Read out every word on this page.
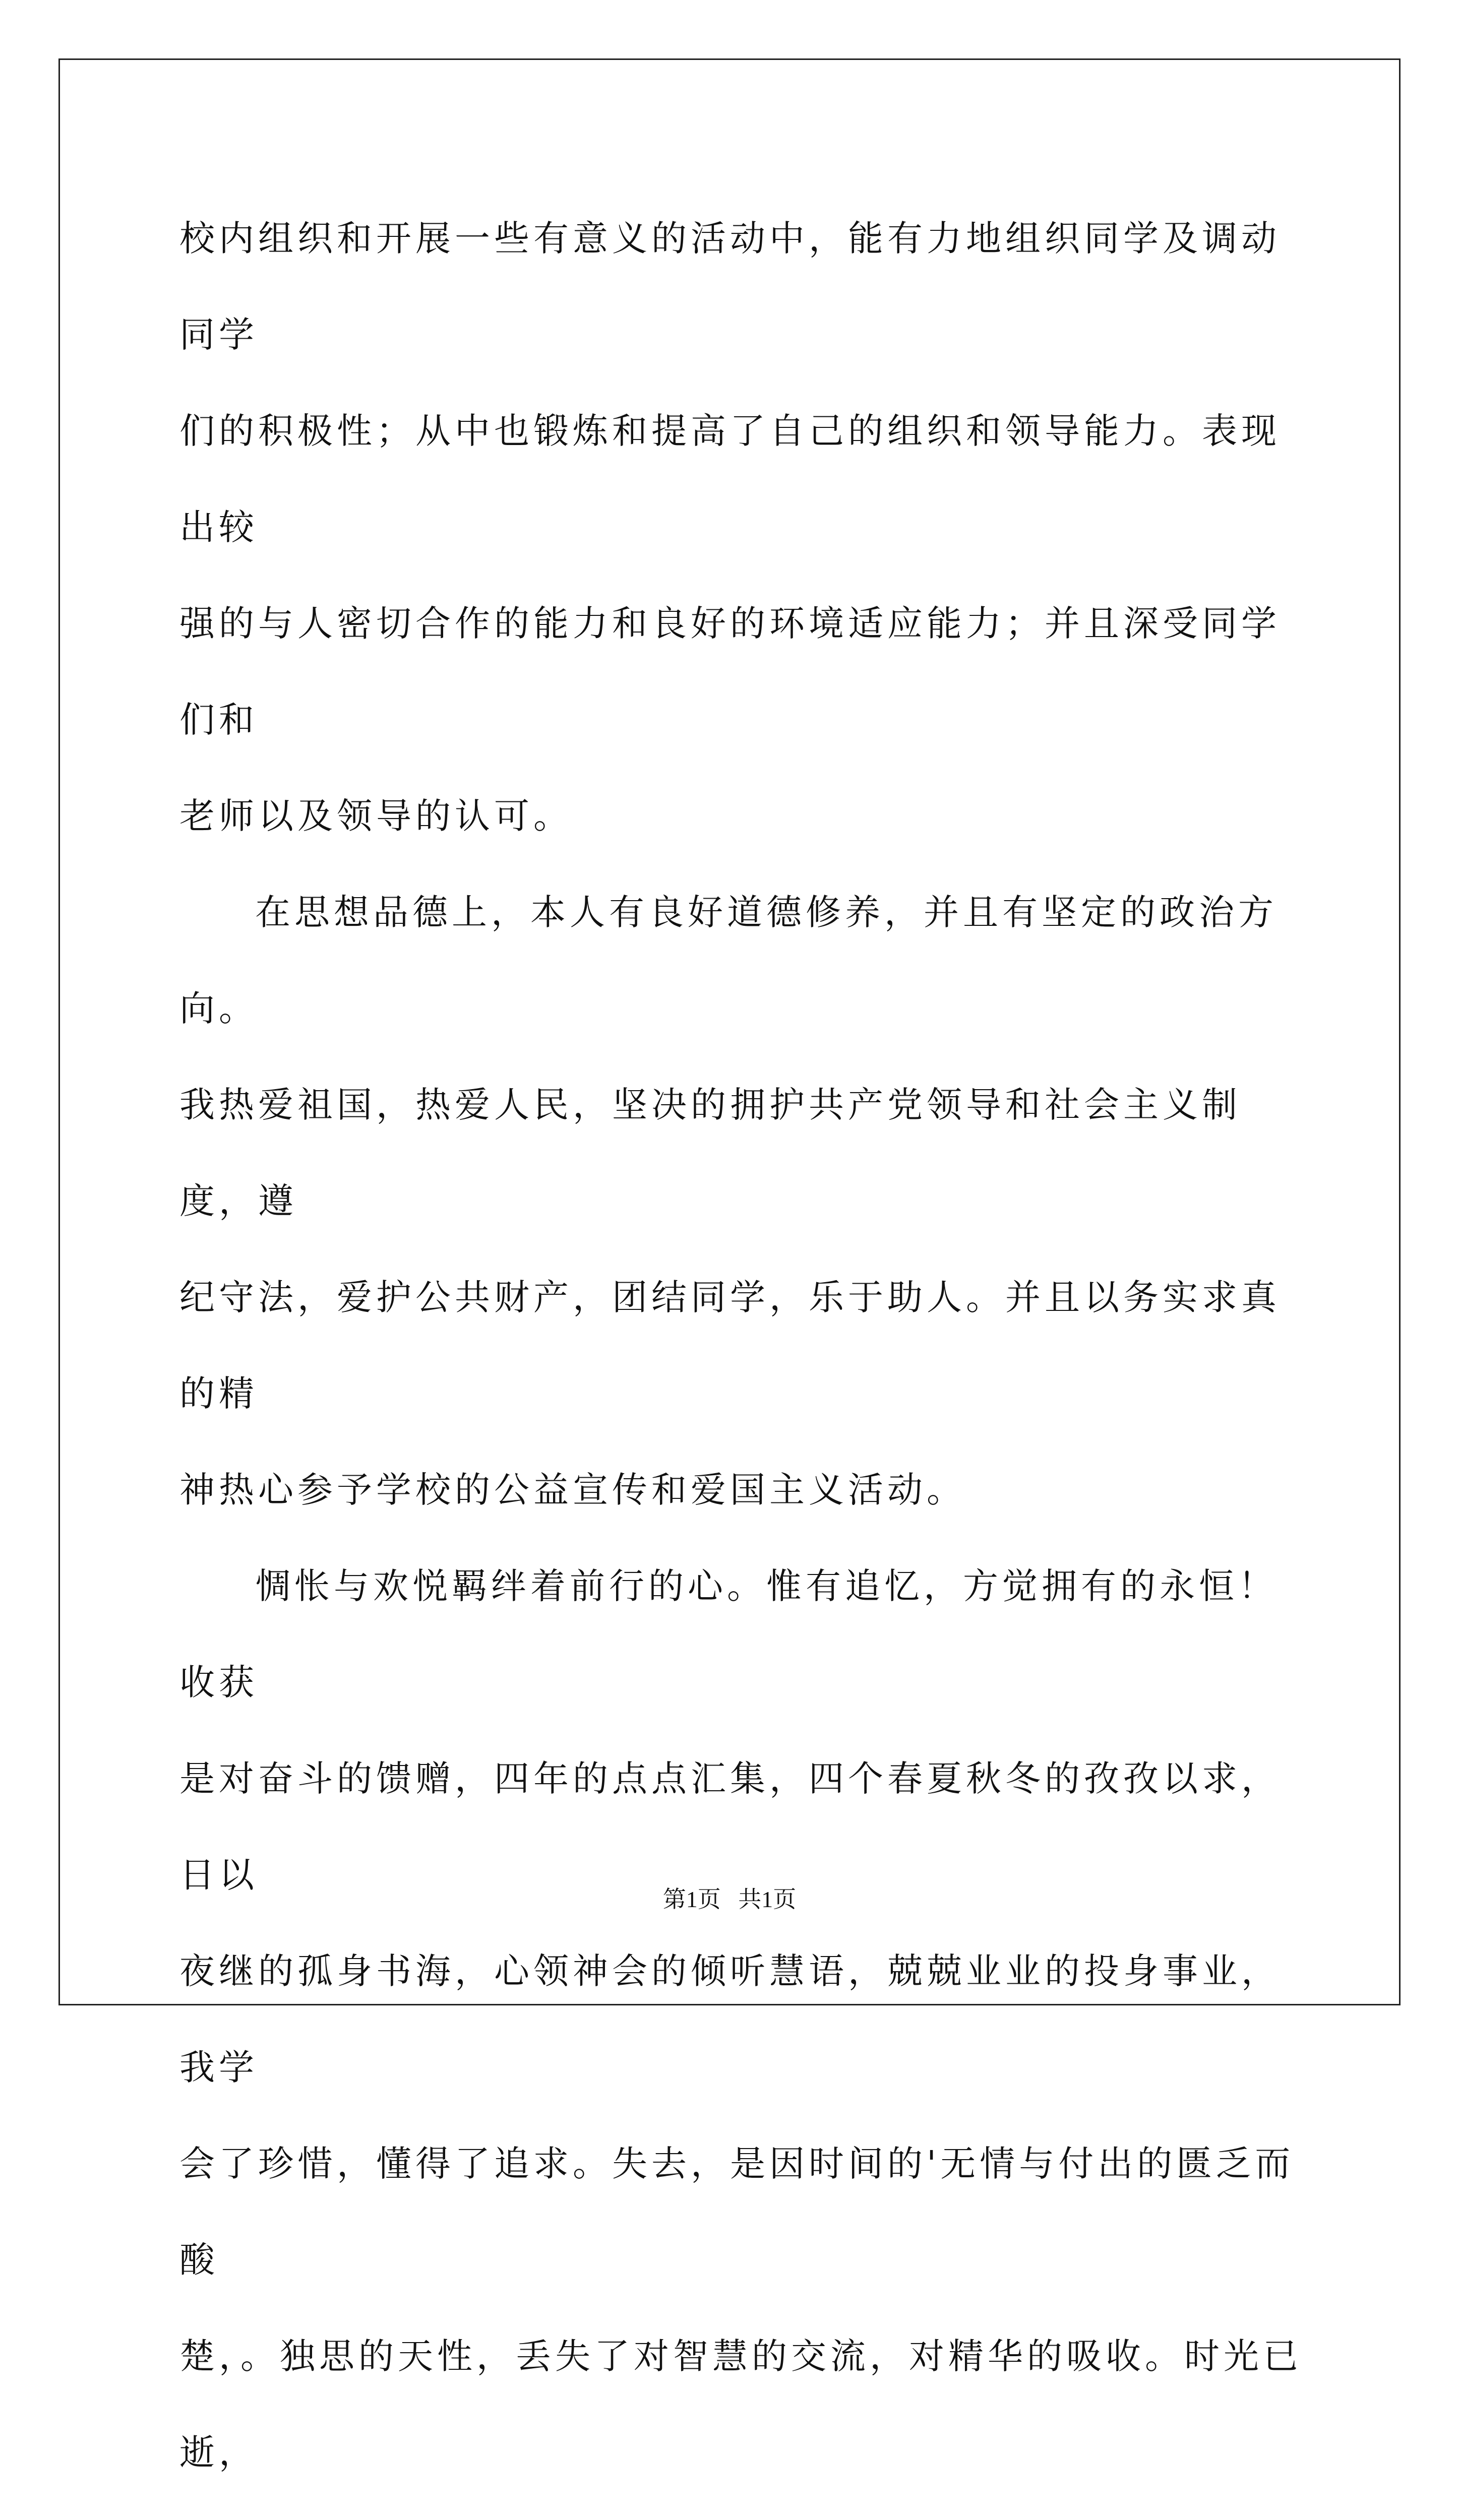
校内组织和开展一些有意义的活动中，能有力地组织同学及调动同学
们的积极性；从中也锻炼和提高了自己的组织和领导能力。表现出较
强的与人密切合作的能力和良好的环境适应能力；并且深受同学们和
老师以及领导的认可。

在思想品德上，本人有良好道德修养，并且有坚定的政治方向。
我热爱祖国，热爱人民，坚决的拥护共产党领导和社会主义制度，遵
纪守法，爱护公共财产，团结同学，乐于助人。并且以务实求真的精
神热心参予学校的公益宣传和爱国主义活动。

惆怅与欢悦羁绊着前行的心。惟有追忆，方觉拥有的永恒！收获
是对奋斗的馈赠，四年的点点汇集，四个春夏秋冬的孜孜以求，日以
夜继的孤身书海，心领神会的倾听慧语，兢兢业业的投身事业，我学
会了珍惜，懂得了追求。失去，是因时间的'无情与付出的匮乏而酸
楚，。独思的天性，丢失了对智慧的交流，对精华的吸收。时光已逝，

第1页   共1页
